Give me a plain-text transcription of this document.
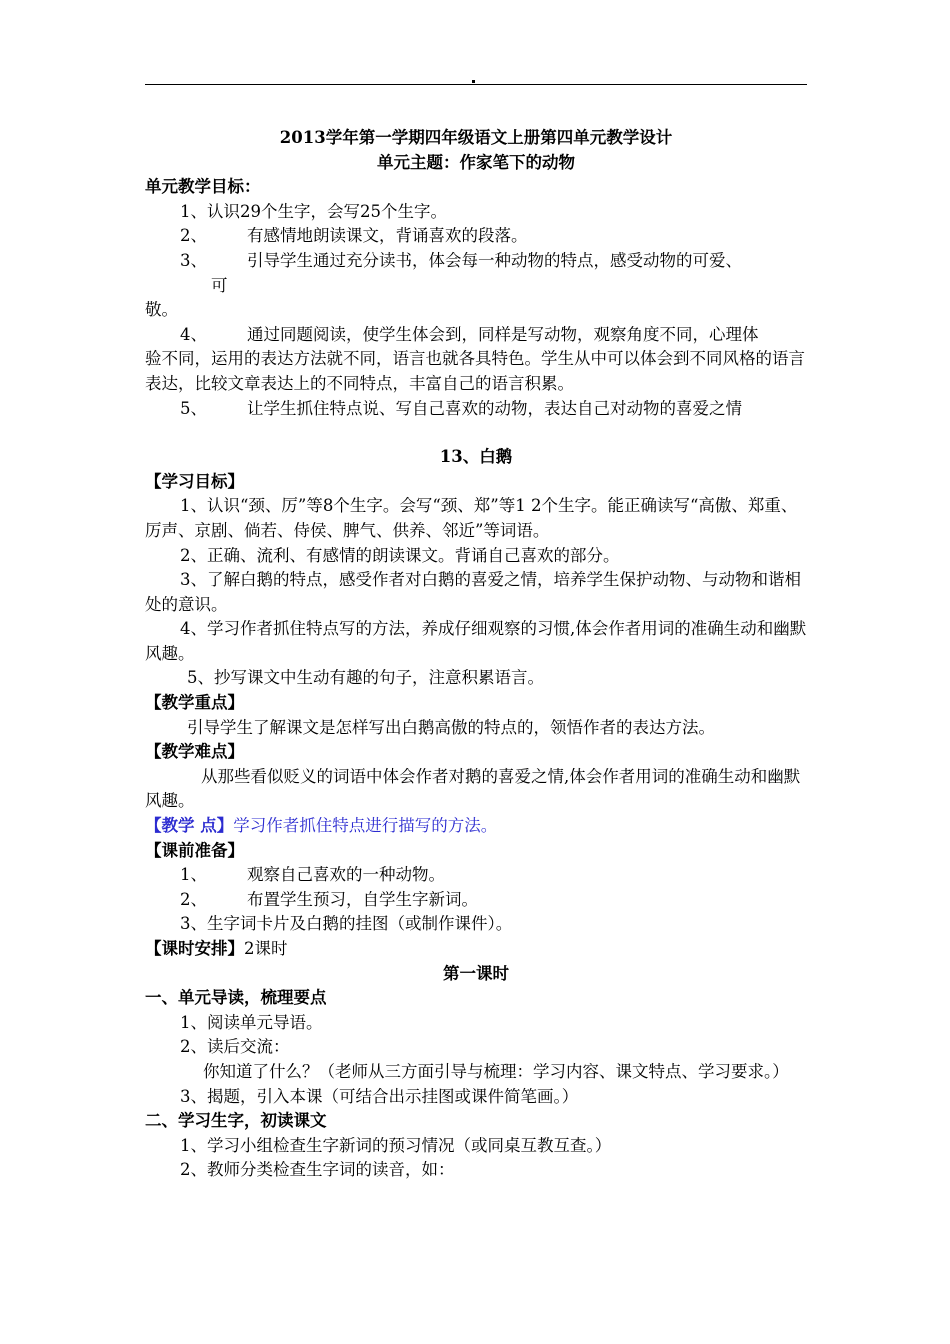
2013学年第一学期四年级语文上册第四单元教学设计
单元主题：作家笔下的动物
单元教学目标：
1、认识29个生字，会写25个生字。
2、 有感情地朗读课文，背诵喜欢的段落。
3、 引导学生通过充分读书，体会每一种动物的特点，感受动物的可爱、
可
敬。
4、 通过同题阅读，使学生体会到，同样是写动物，观察角度不同，心理体
验不同，运用的表达方法就不同，语言也就各具特色。学生从中可以体会到不同风格的语言表达，比较文章表达上的不同特点，丰富自己的语言积累。
5、 让学生抓住特点说、写自己喜欢的动物，表达自己对动物的喜爱之情
13、白鹅
【学习目标】
1、认识“颈、厉”等8个生字。会写“颈、郑”等1 2个生字。能正确读写“高傲、郑重、厉声、京剧、倘若、侍侯、脾气、供养、邻近”等词语。
2、正确、流利、有感情的朗读课文。背诵自己喜欢的部分。
3、了解白鹅的特点，感受作者对白鹅的喜爱之情，培养学生保护动物、与动物和谐相处的意识。
4、学习作者抓住特点写的方法，养成仔细观察的习惯,体会作者用词的准确生动和幽默风趣。
5、抄写课文中生动有趣的句子，注意积累语言。
【教学重点】
引导学生了解课文是怎样写出白鹅高傲的特点的，领悟作者的表达方法。
【教学难点】
从那些看似贬义的词语中体会作者对鹅的喜爱之情,体会作者用词的准确生动和幽默风趣。
【教学 点】学习作者抓住特点进行描写的方法。
【课前准备】
1、 观察自己喜欢的一种动物。
2、 布置学生预习，自学生字新词。
3、生字词卡片及白鹅的挂图（或制作课件）。
【课时安排】2课时
第一课时
一、单元导读，梳理要点
1、阅读单元导语。
2、读后交流：
你知道了什么？（老师从三方面引导与梳理：学习内容、课文特点、学习要求。）
3、揭题，引入本课（可结合出示挂图或课件简笔画。）
二、学习生字，初读课文
1、学习小组检查生字新词的预习情况（或同桌互教互查。）
2、教师分类检查生字词的读音，如：
